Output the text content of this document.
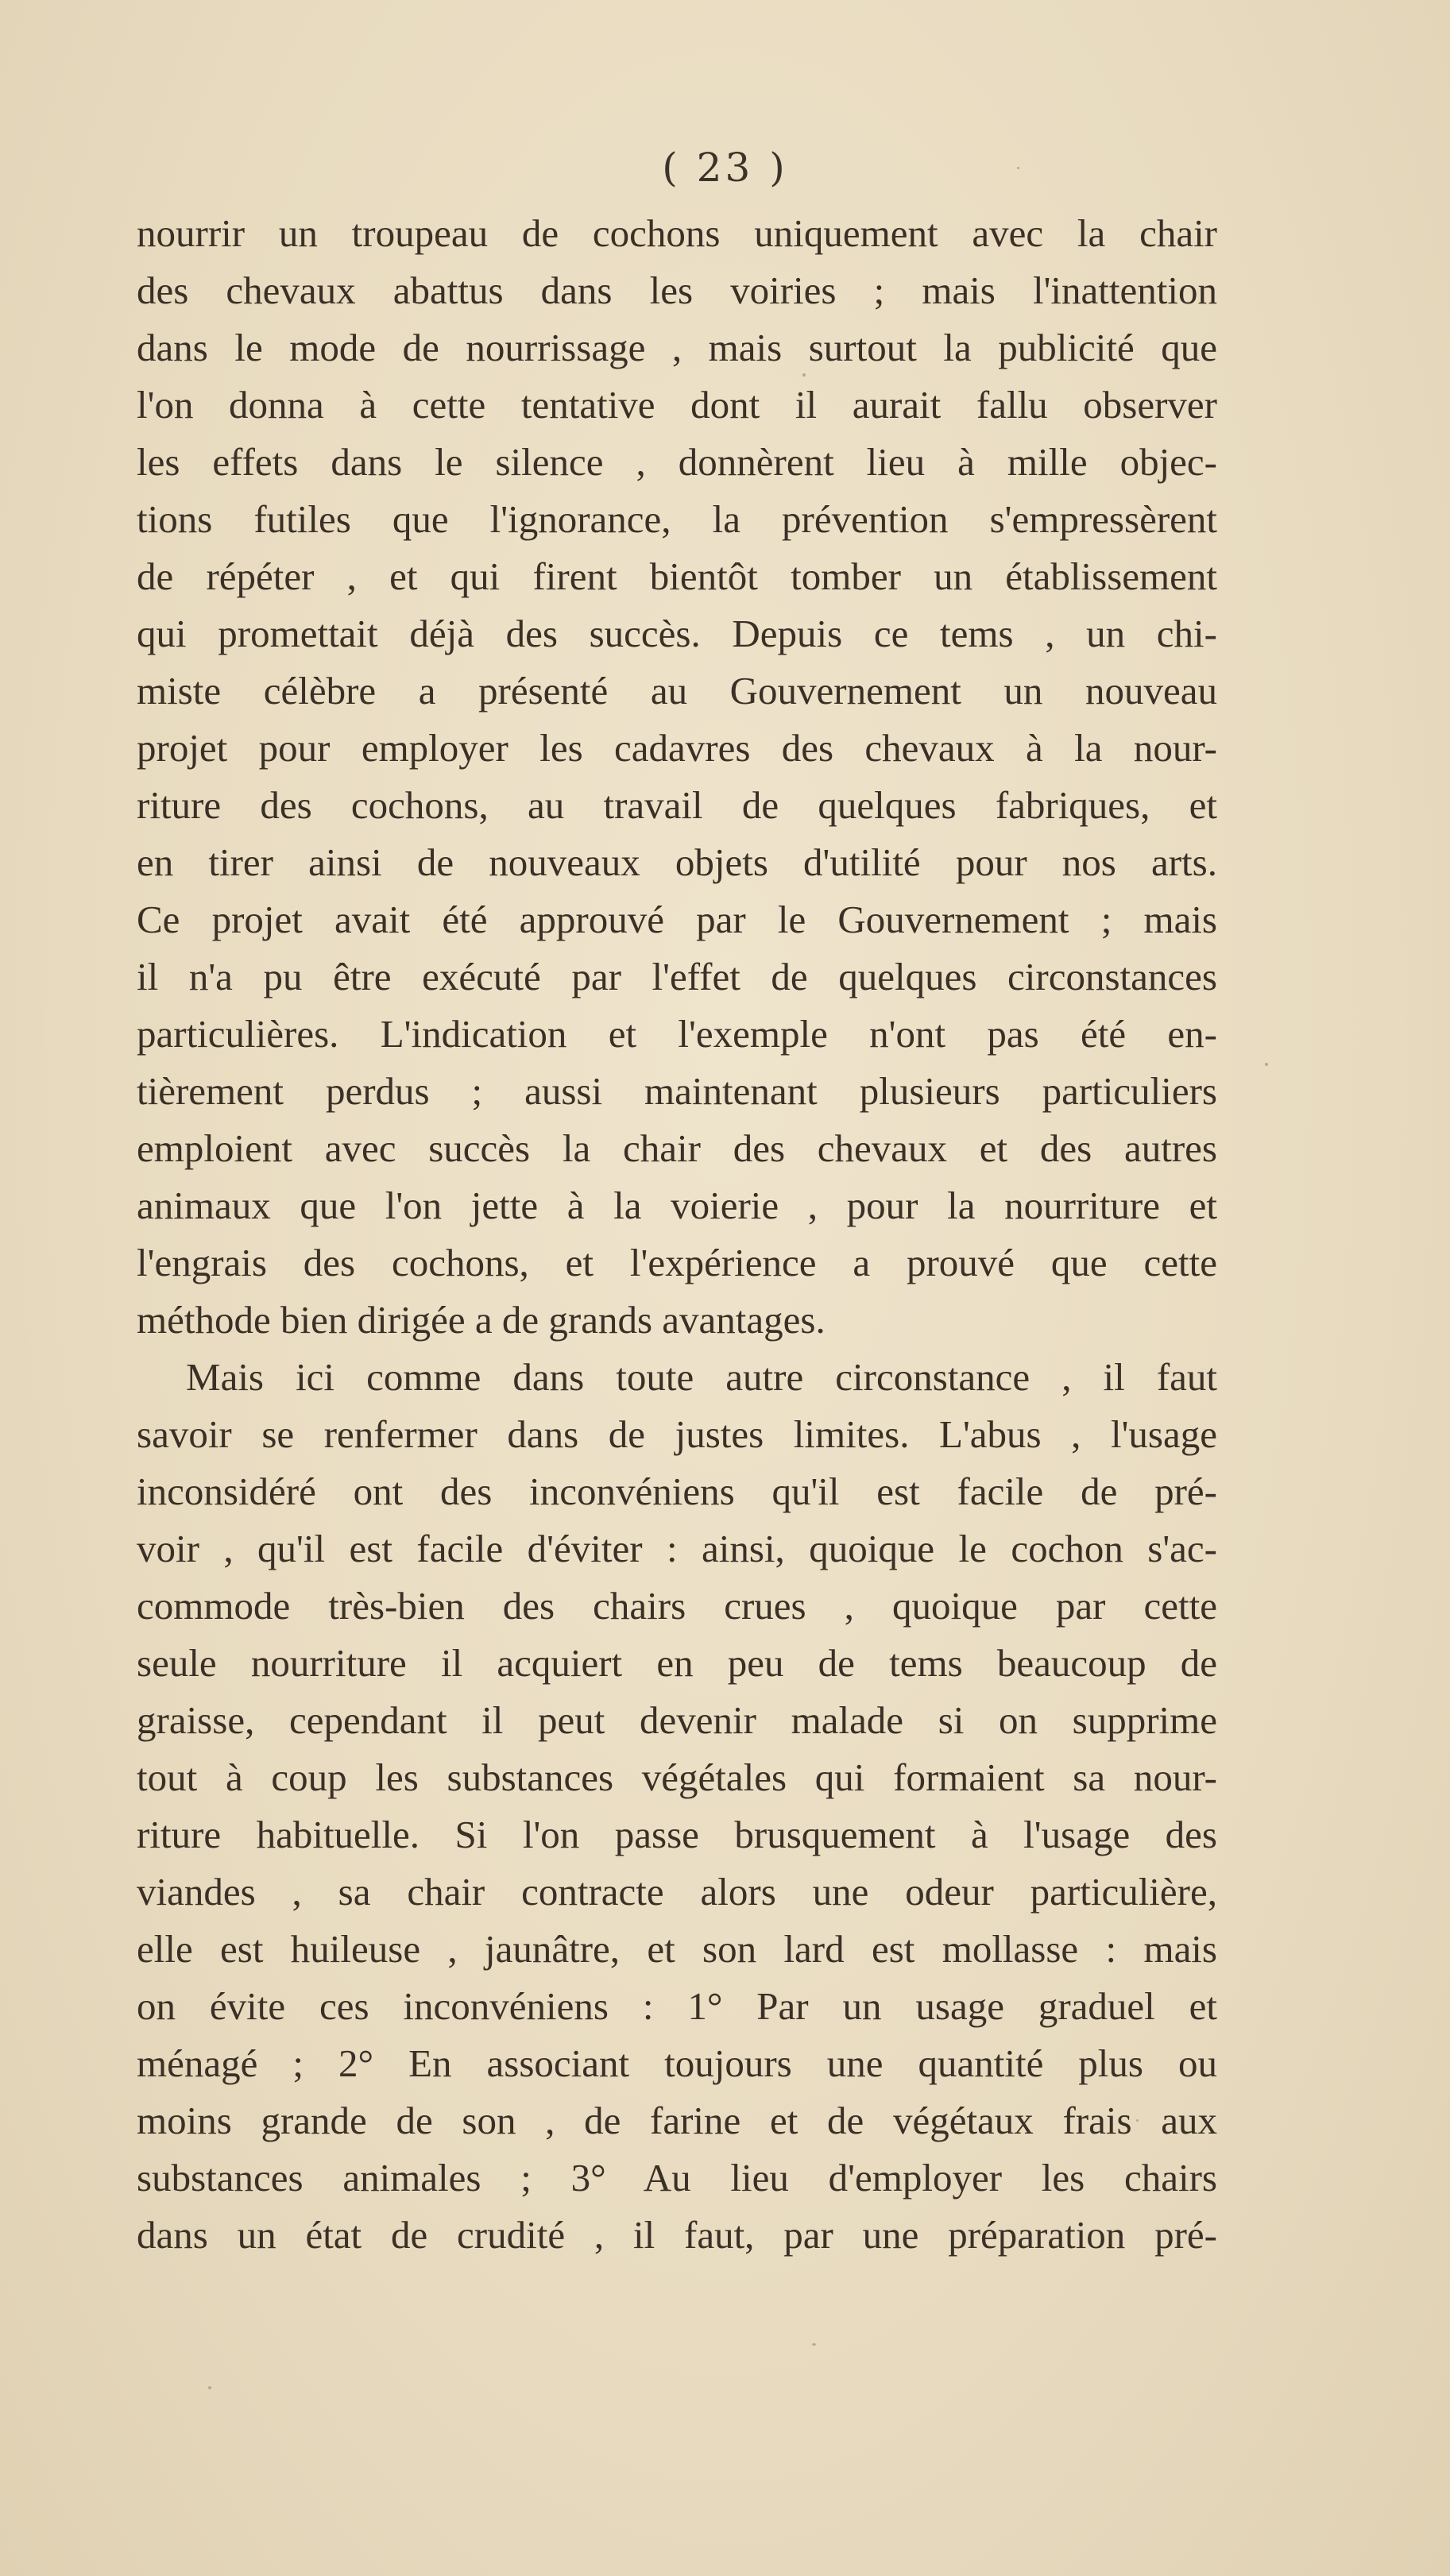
( 23 )
nourrir un troupeau de cochons uniquement avec la chair
des chevaux abattus dans les voiries ; mais l'inattention
dans le mode de nourrissage , mais surtout la publicité que
l'on donna à cette tentative dont il aurait fallu observer
les effets dans le silence , donnèrent lieu à mille objec-
tions futiles que l'ignorance, la prévention s'empressèrent
de répéter , et qui firent bientôt tomber un établissement
qui promettait déjà des succès. Depuis ce tems , un chi-
miste célèbre a présenté au Gouvernement un nouveau
projet pour employer les cadavres des chevaux à la nour-
riture des cochons, au travail de quelques fabriques, et
en tirer ainsi de nouveaux objets d'utilité pour nos arts.
Ce projet avait été approuvé par le Gouvernement ; mais
il n'a pu être exécuté par l'effet de quelques circonstances
particulières. L'indication et l'exemple n'ont pas été en-
tièrement perdus ; aussi maintenant plusieurs particuliers
emploient avec succès la chair des chevaux et des autres
animaux que l'on jette à la voierie , pour la nourriture et
l'engrais des cochons, et l'expérience a prouvé que cette
méthode bien dirigée a de grands avantages.
Mais ici comme dans toute autre circonstance , il faut
savoir se renfermer dans de justes limites. L'abus , l'usage
inconsidéré ont des inconvéniens qu'il est facile de pré-
voir , qu'il est facile d'éviter : ainsi, quoique le cochon s'ac-
commode très-bien des chairs crues , quoique par cette
seule nourriture il acquiert en peu de tems beaucoup de
graisse, cependant il peut devenir malade si on supprime
tout à coup les substances végétales qui formaient sa nour-
riture habituelle. Si l'on passe brusquement à l'usage des
viandes , sa chair contracte alors une odeur particulière,
elle est huileuse , jaunâtre, et son lard est mollasse : mais
on évite ces inconvéniens : 1° Par un usage graduel et
ménagé ; 2° En associant toujours une quantité plus ou
moins grande de son , de farine et de végétaux frais aux
substances animales ; 3° Au lieu d'employer les chairs
dans un état de crudité , il faut, par une préparation pré-
